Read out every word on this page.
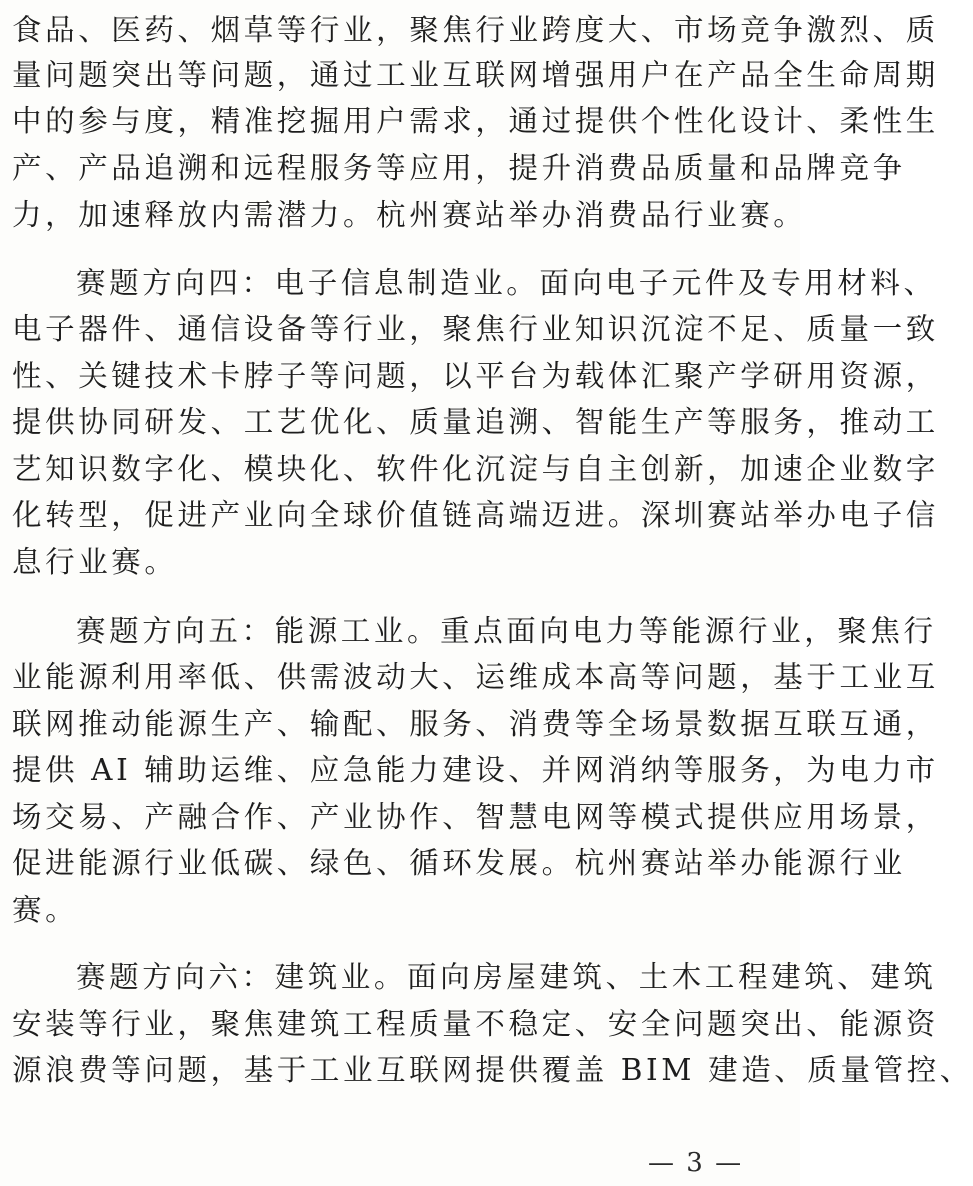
食品、医药、烟草等行业，聚焦行业跨度大、市场竞争激烈、质
量问题突出等问题，通过工业互联网增强用户在产品全生命周期
中的参与度，精准挖掘用户需求，通过提供个性化设计、柔性生
产、产品追溯和远程服务等应用，提升消费品质量和品牌竞争
力，加速释放内需潜力。杭州赛站举办消费品行业赛。
赛题方向四：电子信息制造业。面向电子元件及专用材料、
电子器件、通信设备等行业，聚焦行业知识沉淀不足、质量一致
性、关键技术卡脖子等问题，以平台为载体汇聚产学研用资源，
提供协同研发、工艺优化、质量追溯、智能生产等服务，推动工
艺知识数字化、模块化、软件化沉淀与自主创新，加速企业数字
化转型，促进产业向全球价值链高端迈进。深圳赛站举办电子信
息行业赛。
赛题方向五：能源工业。重点面向电力等能源行业，聚焦行
业能源利用率低、供需波动大、运维成本高等问题，基于工业互
联网推动能源生产、输配、服务、消费等全场景数据互联互通，
提供 AI 辅助运维、应急能力建设、并网消纳等服务，为电力市
场交易、产融合作、产业协作、智慧电网等模式提供应用场景，
促进能源行业低碳、绿色、循环发展。杭州赛站举办能源行业
赛。
赛题方向六：建筑业。面向房屋建筑、土木工程建筑、建筑
安装等行业，聚焦建筑工程质量不稳定、安全问题突出、能源资
源浪费等问题，基于工业互联网提供覆盖 BIM 建造、质量管控、
— 3 —
